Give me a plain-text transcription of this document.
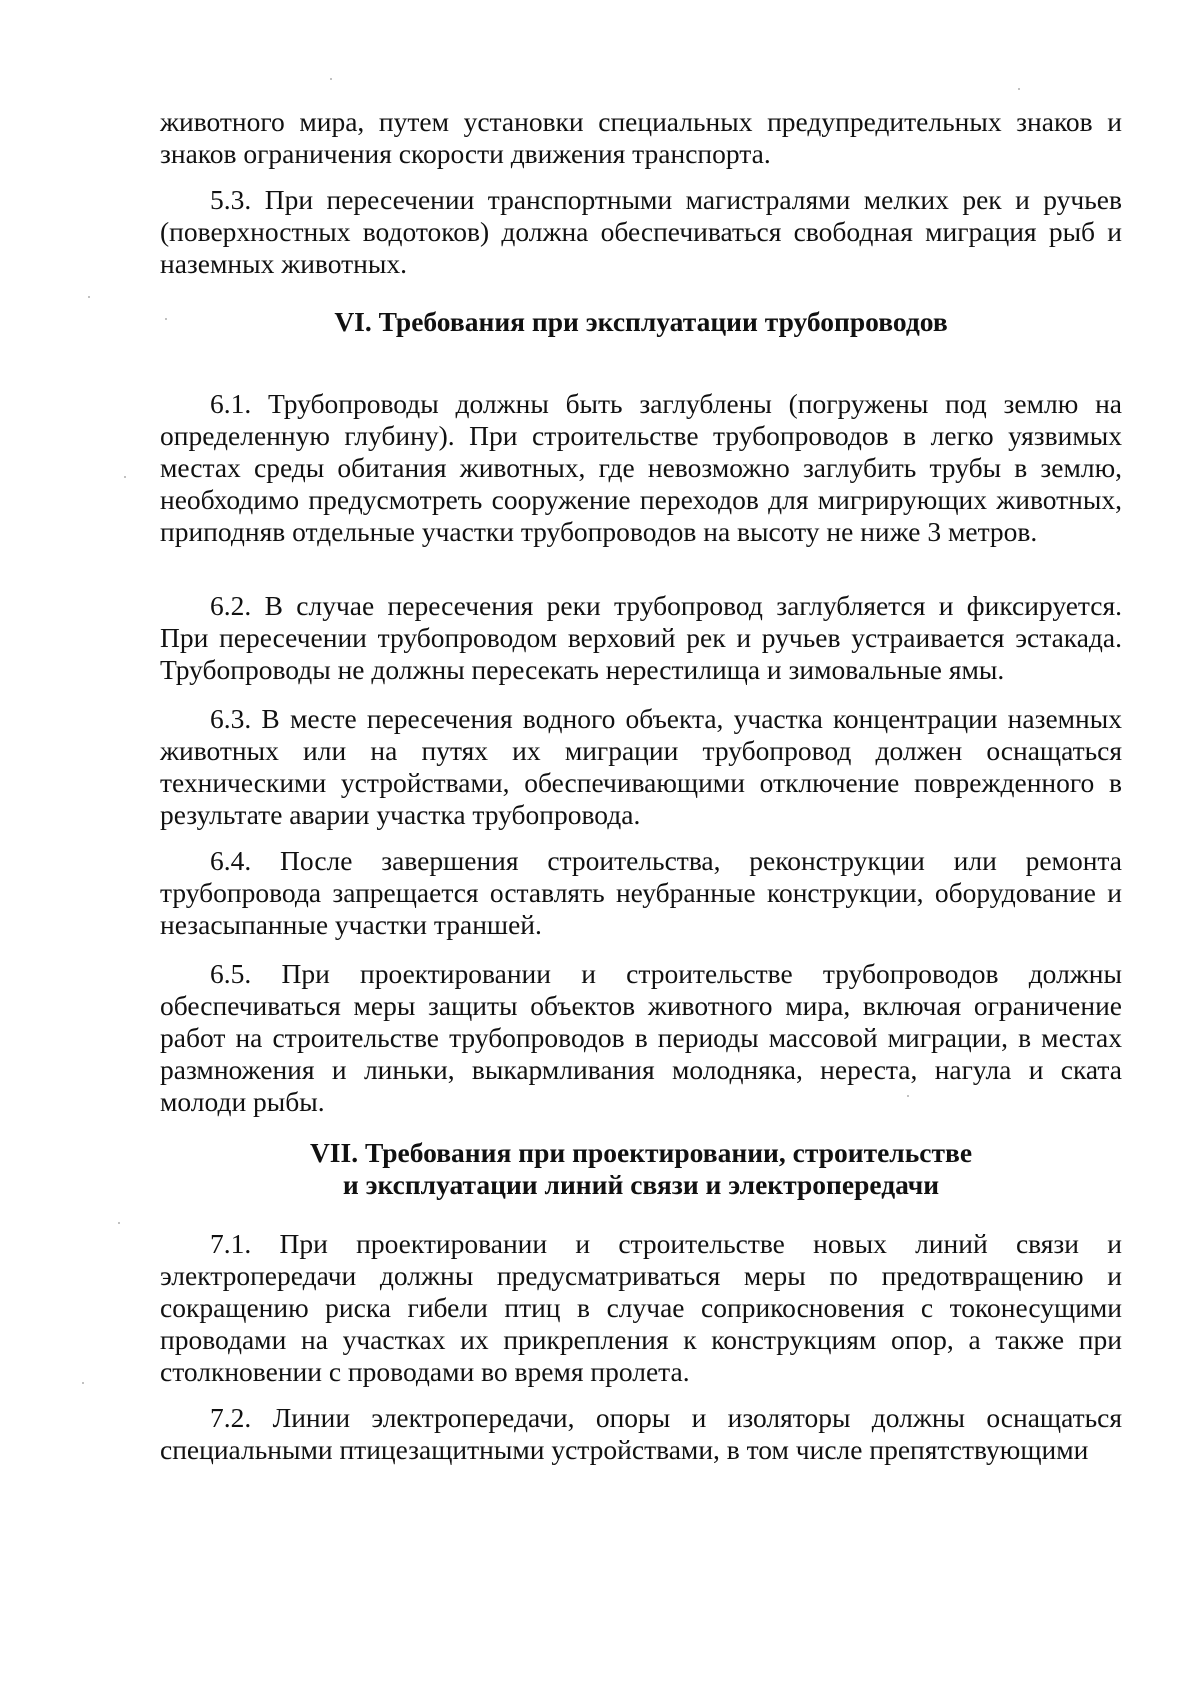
животного мира, путем установки специальных предупредительных знаков и знаков ограничения скорости движения транспорта.

5.3. При пересечении транспортными магистралями мелких рек и ручьев (поверхностных водотоков) должна обеспечиваться свободная миграция рыб и наземных животных.

VI. Требования при эксплуатации трубопроводов

6.1. Трубопроводы должны быть заглублены (погружены под землю на определенную глубину). При строительстве трубопроводов в легко уязвимых местах среды обитания животных, где невозможно заглубить трубы в землю, необходимо предусмотреть сооружение переходов для мигрирующих животных, приподняв отдельные участки трубопроводов на высоту не ниже 3 метров.

6.2. В случае пересечения реки трубопровод заглубляется и фиксируется. При пересечении трубопроводом верховий рек и ручьев устраивается эстакада. Трубопроводы не должны пересекать нерестилища и зимовальные ямы.

6.3. В месте пересечения водного объекта, участка концентрации наземных животных или на путях их миграции трубопровод должен оснащаться техническими устройствами, обеспечивающими отключение поврежденного в результате аварии участка трубопровода.

6.4. После завершения строительства, реконструкции или ремонта трубопровода запрещается оставлять неубранные конструкции, оборудование и незасыпанные участки траншей.

6.5. При проектировании и строительстве трубопроводов должны обеспечиваться меры защиты объектов животного мира, включая ограничение работ на строительстве трубопроводов в периоды массовой миграции, в местах размножения и линьки, выкармливания молодняка, нереста, нагула и ската молоди рыбы.

VII. Требования при проектировании, строительстве
и эксплуатации линий связи и электропередачи

7.1. При проектировании и строительстве новых линий связи и электропередачи должны предусматриваться меры по предотвращению и сокращению риска гибели птиц в случае соприкосновения с токонесущими проводами на участках их прикрепления к конструкциям опор, а также при столкновении с проводами во время пролета.

7.2. Линии электропередачи, опоры и изоляторы должны оснащаться специальными птицезащитными устройствами, в том числе препятствующими
